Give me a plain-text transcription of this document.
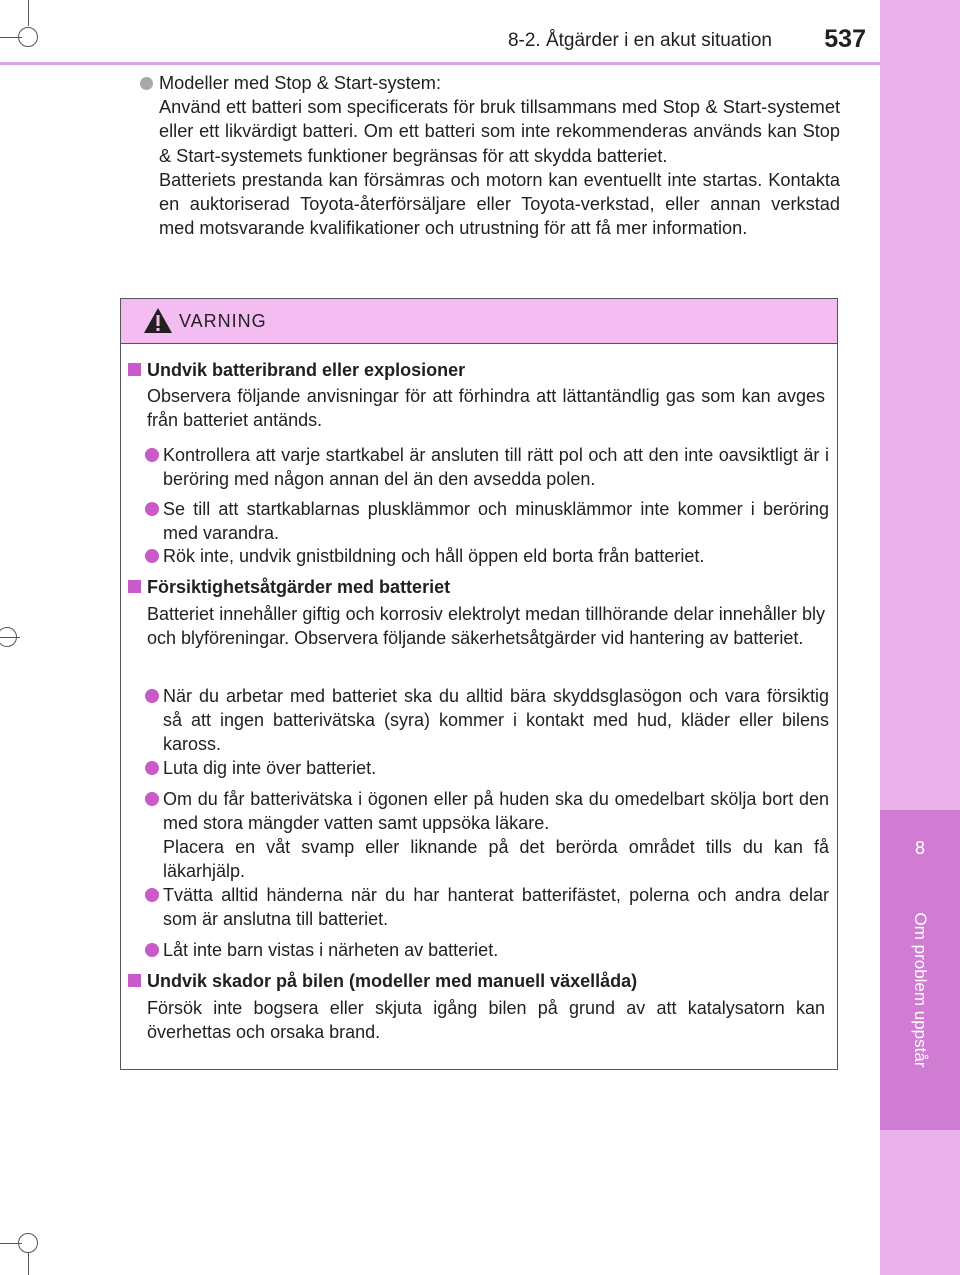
8-2. Åtgärder i en akut situation 537
8
Om problem uppstår

Modeller med Stop & Start-system:

Använd ett batteri som specificerats för bruk tillsammans med Stop & Start-systemet eller ett likvärdigt batteri. Om ett batteri som inte rekommenderas används kan Stop & Start-systemets funktioner begränsas för att skydda batteriet.

Batteriets prestanda kan försämras och motorn kan eventuellt inte startas. Kontakta en auktoriserad Toyota-återförsäljare eller Toyota-verkstad, eller annan verkstad med motsvarande kvalifikationer och utrustning för att få mer information.

VARNING
Undvik batteribrand eller explosioner

Observera följande anvisningar för att förhindra att lättantändlig gas som kan avges från batteriet antänds.

Kontrollera att varje startkabel är ansluten till rätt pol och att den inte oavsiktligt är i beröring med någon annan del än den avsedda polen.

Se till att startkablarnas plusklämmor och minusklämmor inte kommer i beröring med varandra.

Rök inte, undvik gnistbildning och håll öppen eld borta från batteriet.

Försiktighetsåtgärder med batteriet

Batteriet innehåller giftig och korrosiv elektrolyt medan tillhörande delar innehåller bly och blyföreningar. Observera följande säkerhetsåtgärder vid hantering av batteriet.

När du arbetar med batteriet ska du alltid bära skyddsglasögon och vara försiktig så att ingen batterivätska (syra) kommer i kontakt med hud, kläder eller bilens kaross.

Luta dig inte över batteriet.

Om du får batterivätska i ögonen eller på huden ska du omedelbart skölja bort den med stora mängder vatten samt uppsöka läkare.

Placera en våt svamp eller liknande på det berörda området tills du kan få läkarhjälp.

Tvätta alltid händerna när du har hanterat batterifästet, polerna och andra delar som är anslutna till batteriet.

Låt inte barn vistas i närheten av batteriet.

Undvik skador på bilen (modeller med manuell växellåda)

Försök inte bogsera eller skjuta igång bilen på grund av att katalysatorn kan överhettas och orsaka brand.
